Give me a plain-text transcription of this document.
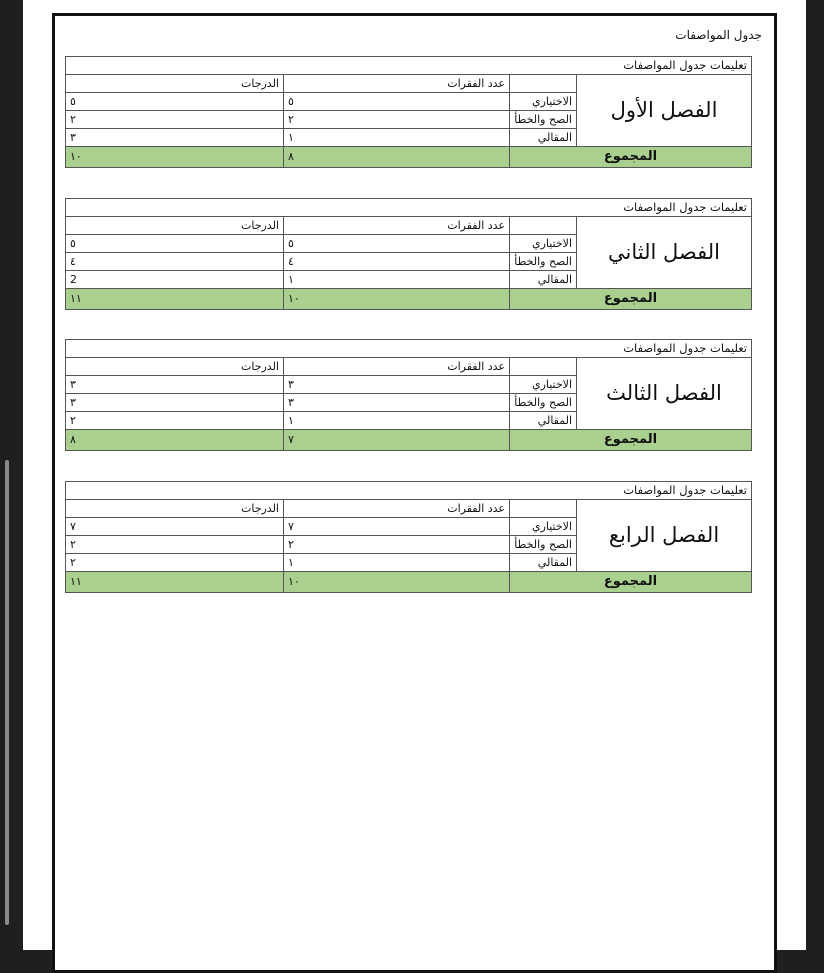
جدول المواصفات
تعليمات جدول المواصفات			
الفصل الأول		عدد الفقرات	الدرجات
	الاختياري	٥	٥
	الصح والخطأ	٢	٢
	المقالي	١	٣
المجموع		٨	١٠
تعليمات جدول المواصفات			
الفصل الثاني		عدد الفقرات	الدرجات
	الاختياري	٥	٥
	الصح والخطأ	٤	٤
	المقالي	١	2
المجموع		١٠	١١
تعليمات جدول المواصفات			
الفصل الثالث		عدد الفقرات	الدرجات
	الاختياري	٣	٣
	الصح والخطأ	٣	٣
	المقالي	١	٢
المجموع		٧	٨
تعليمات جدول المواصفات			
الفصل الرابع		عدد الفقرات	الدرجات
	الاختياري	٧	٧
	الصح والخطأ	٢	٢
	المقالي	١	٢
المجموع		١٠	١١
